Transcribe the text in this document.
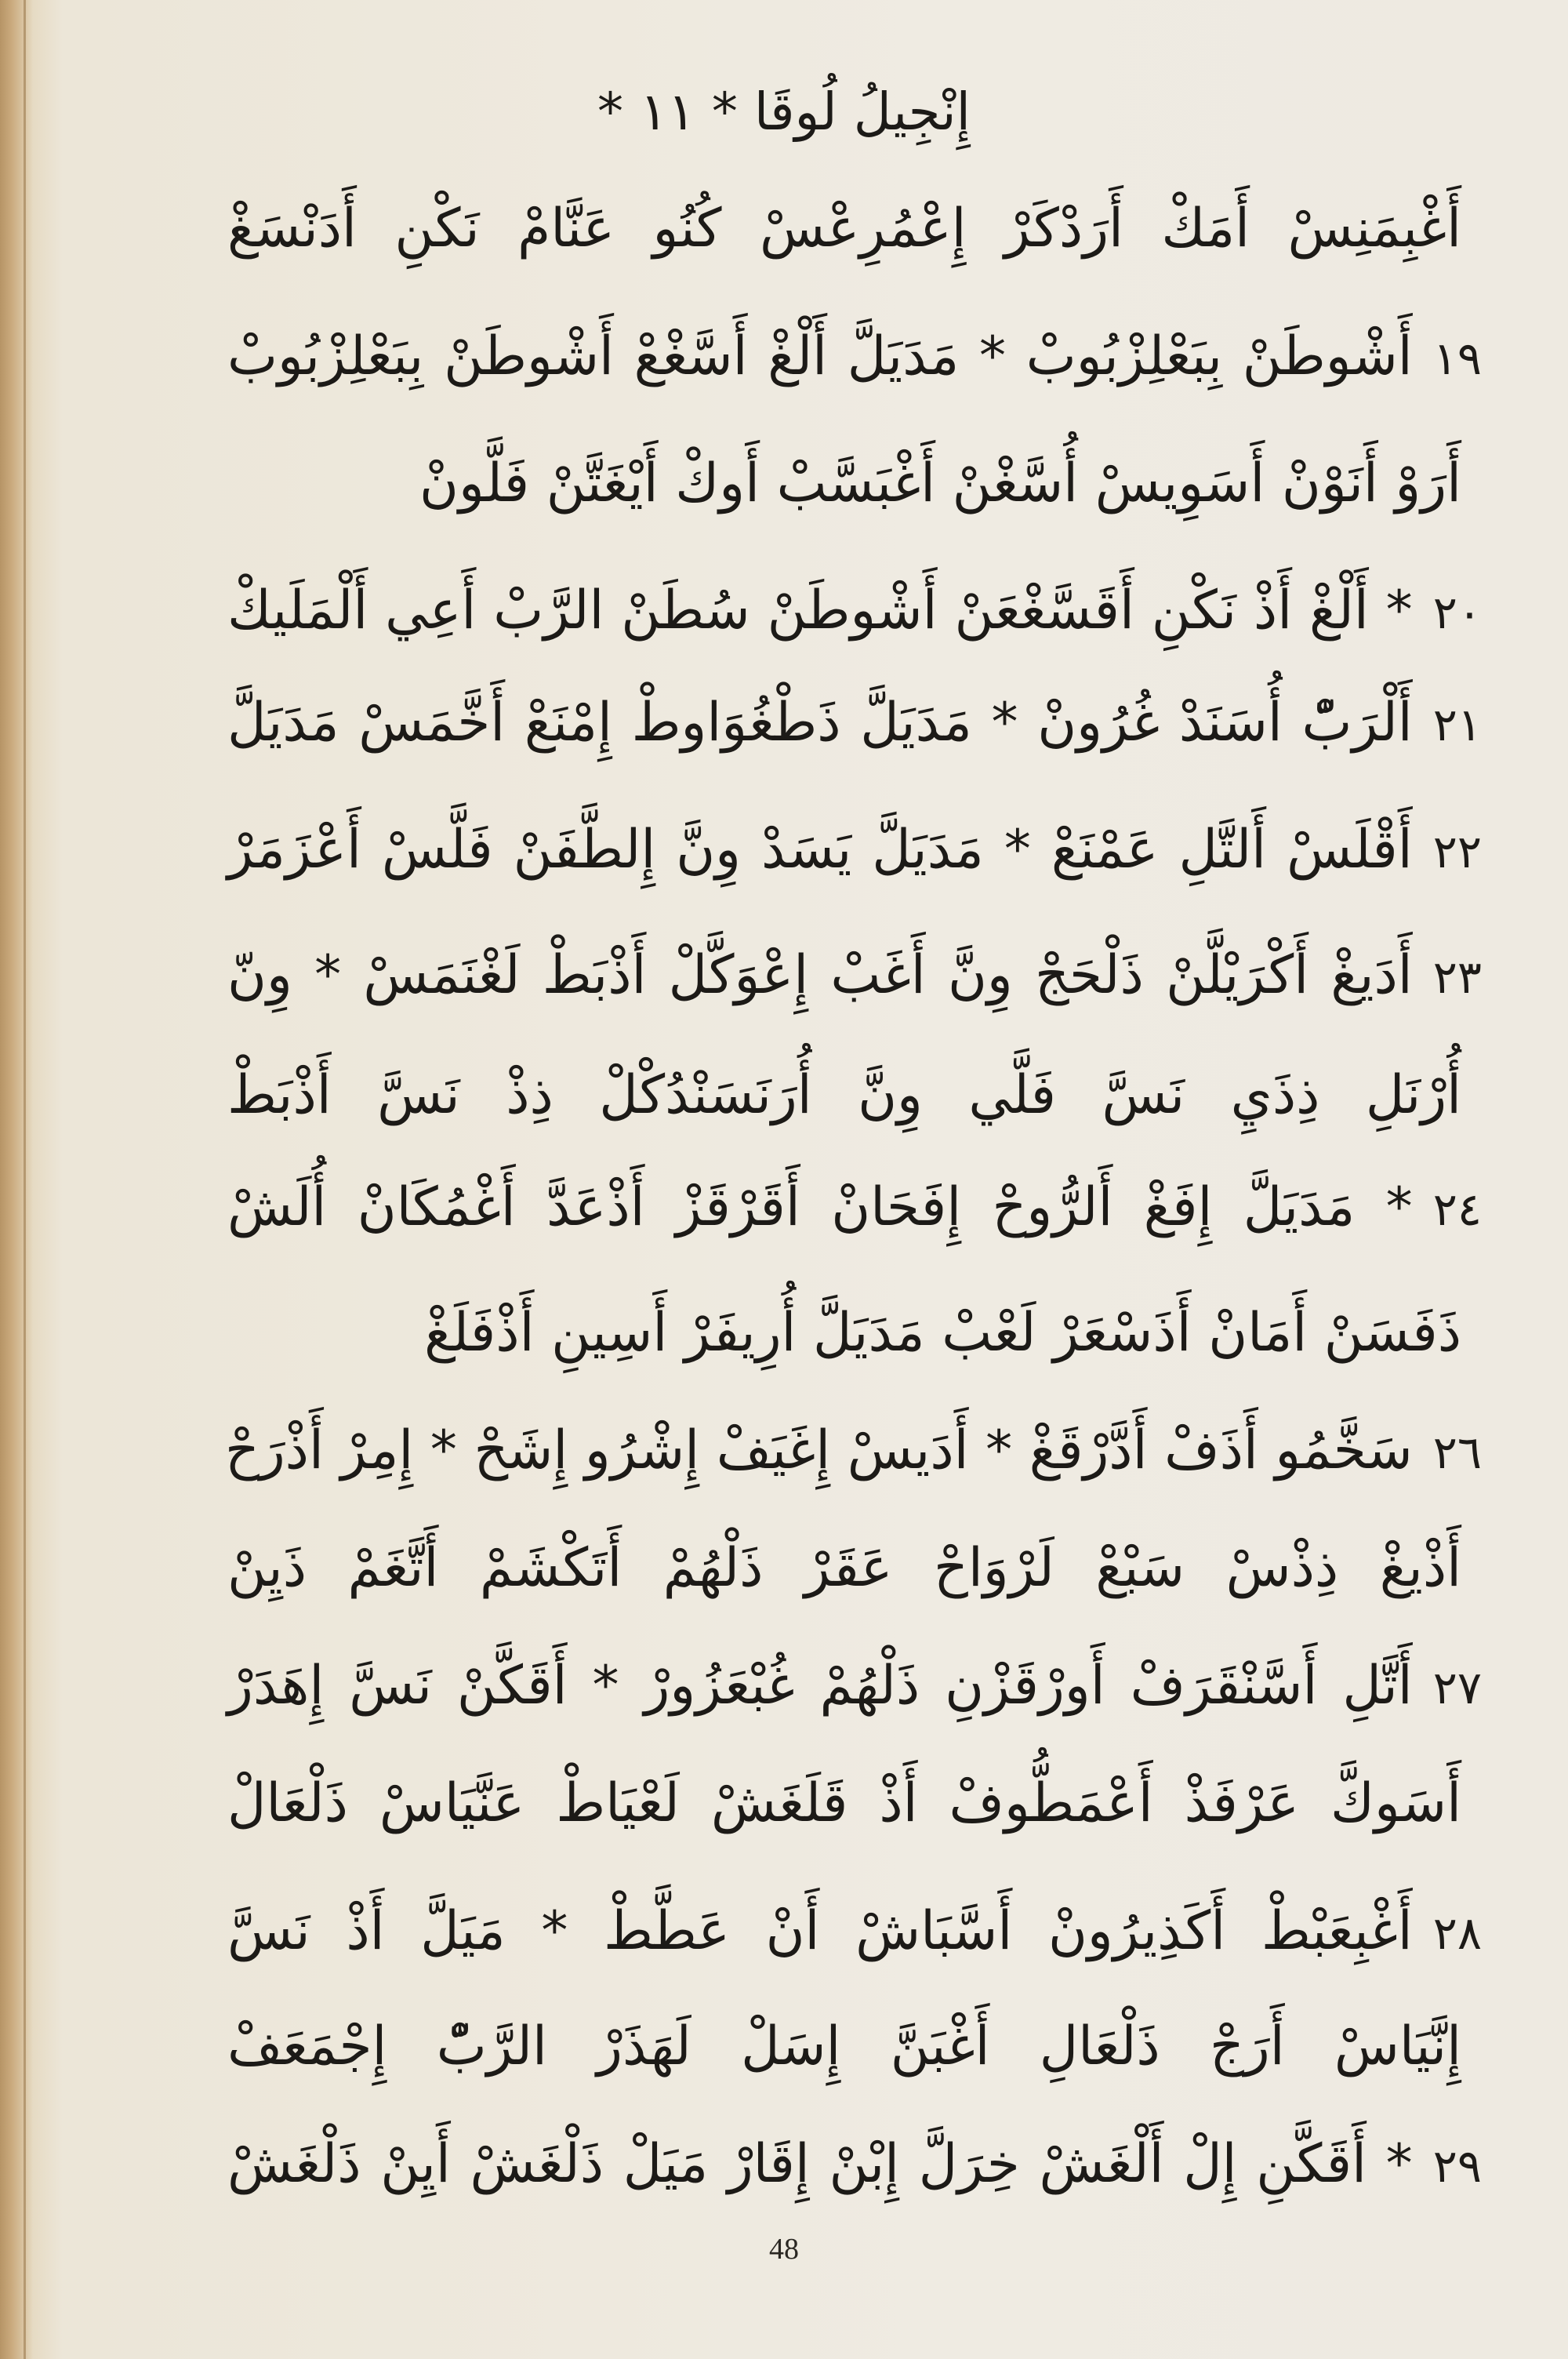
إِنْجِيلُ لُوقَا * ١١ *
أَغْبِمَنِسْ أَمَكْ أَرَدْكَرْ إِعْمُرِعْسْ كُنُو عَنَّامْ نَكْنِ أَدَنْسَغْ
١٩أَشْوطَنْ بِبَعْلِزْبُوبْ * مَدَيَلَّ أَلْغْ أَسَّغْعْ أَشْوطَنْ بِبَعْلِزْبُوبْ
أَرَوْ أَنَوْنْ أَسَوِيسْ أُسَّغْنْ أَغْبَسَّبْ أَوكْ أَيْغَتَّنْ فَلَّونْ
٢٠* أَلْغْ أَذْ نَكْنِ أَقَسَّغْعَنْ أَشْوطَنْ سُطَنْ الرَّبْ أَعِي أَلْمَلَيكْ
٢١أَلْرَبّْ أُسَنَدْ غُرُونْ * مَدَيَلَّ ذَطْغُوَاوطْ إِمْنَعْ أَخَّمَسْ مَدَيَلَّ
٢٢أَقْلَسْ أَلتَّلِ عَمْنَعْ * مَدَيَلَّ يَسَدْ وِنَّ إِلطَّفَنْ فَلَّسْ أَعْزَمَرْ
٢٣أَدَيغْ أَكْرَيْلَّنْ ذَلْحَجْ وِنَّ أَغَبْ إِعْوَكَّلْ أَذْبَطْ لَغْنَمَسْ * وِنّ
أُرْنَلِ ذِذَيِ نَسَّ فَلَّي وِنَّ أُرَنَسَنْدُكْلْ ذِذْ نَسَّ أَذْبَطْ
٢٤* مَدَيَلَّ إِفَغْ أَلرُّوحْ إِفَحَانْ أَقَرْقَزْ أَذْعَدَّ أَغْمُكَانْ أُلَشْ
ذَفَسَنْ أَمَانْ أَذَسْعَرْ لَعْبْ مَدَيَلَّ أُرِيفَرْ أَسِينِ أَذْفَلَغْ
٢٦سَخَّمُو أَذَفْ أَدَّرْقَغْ * أَدَيسْ إِغَيَفْ إِشْرُو إِشَحْ * إِمِرْ أَذْرَحْ
أَذْيغْ ذِذْسْ سَبْعْ لَرْوَاحْ عَقَرْ ذَلْهُمْ أَتَكْشَمْ أَتَّغَمْ ذَيِنْ
٢٧أَتَّلِ أَسَّنْقَرَفْ أَورْقَزْنِ ذَلْهُمْ غُبْعَزُورْ * أَقَكَّنْ نَسَّ إِهَدَرْ
أَسَوكَّ عَرْفَذْ أَعْمَطُّوفْ أَذْ قَلَغَشْ لَعْيَاطْ عَنَّيَاسْ ذَلْعَالْ
٢٨أَغْبِعَبْطْ أَكَذِيرُونْ أَسَّبَاشْ أَنْ عَطَّطْ * مَيَلَّ أَذْ نَسَّ
إِنَّيَاسْ أَرَجْ ذَلْعَالِ أَغْبَنَّ إِسَلْ لَهَذَرْ الرَّبّْ إِجْمَعَفْ
٢٩* أَقَكَّنِ إِلْ أَلْغَشْ خِرَلَّ إِبْنْ إِقَارْ مَيَلْ ذَلْغَشْ أَيِنْ ذَلْغَشْ
48
